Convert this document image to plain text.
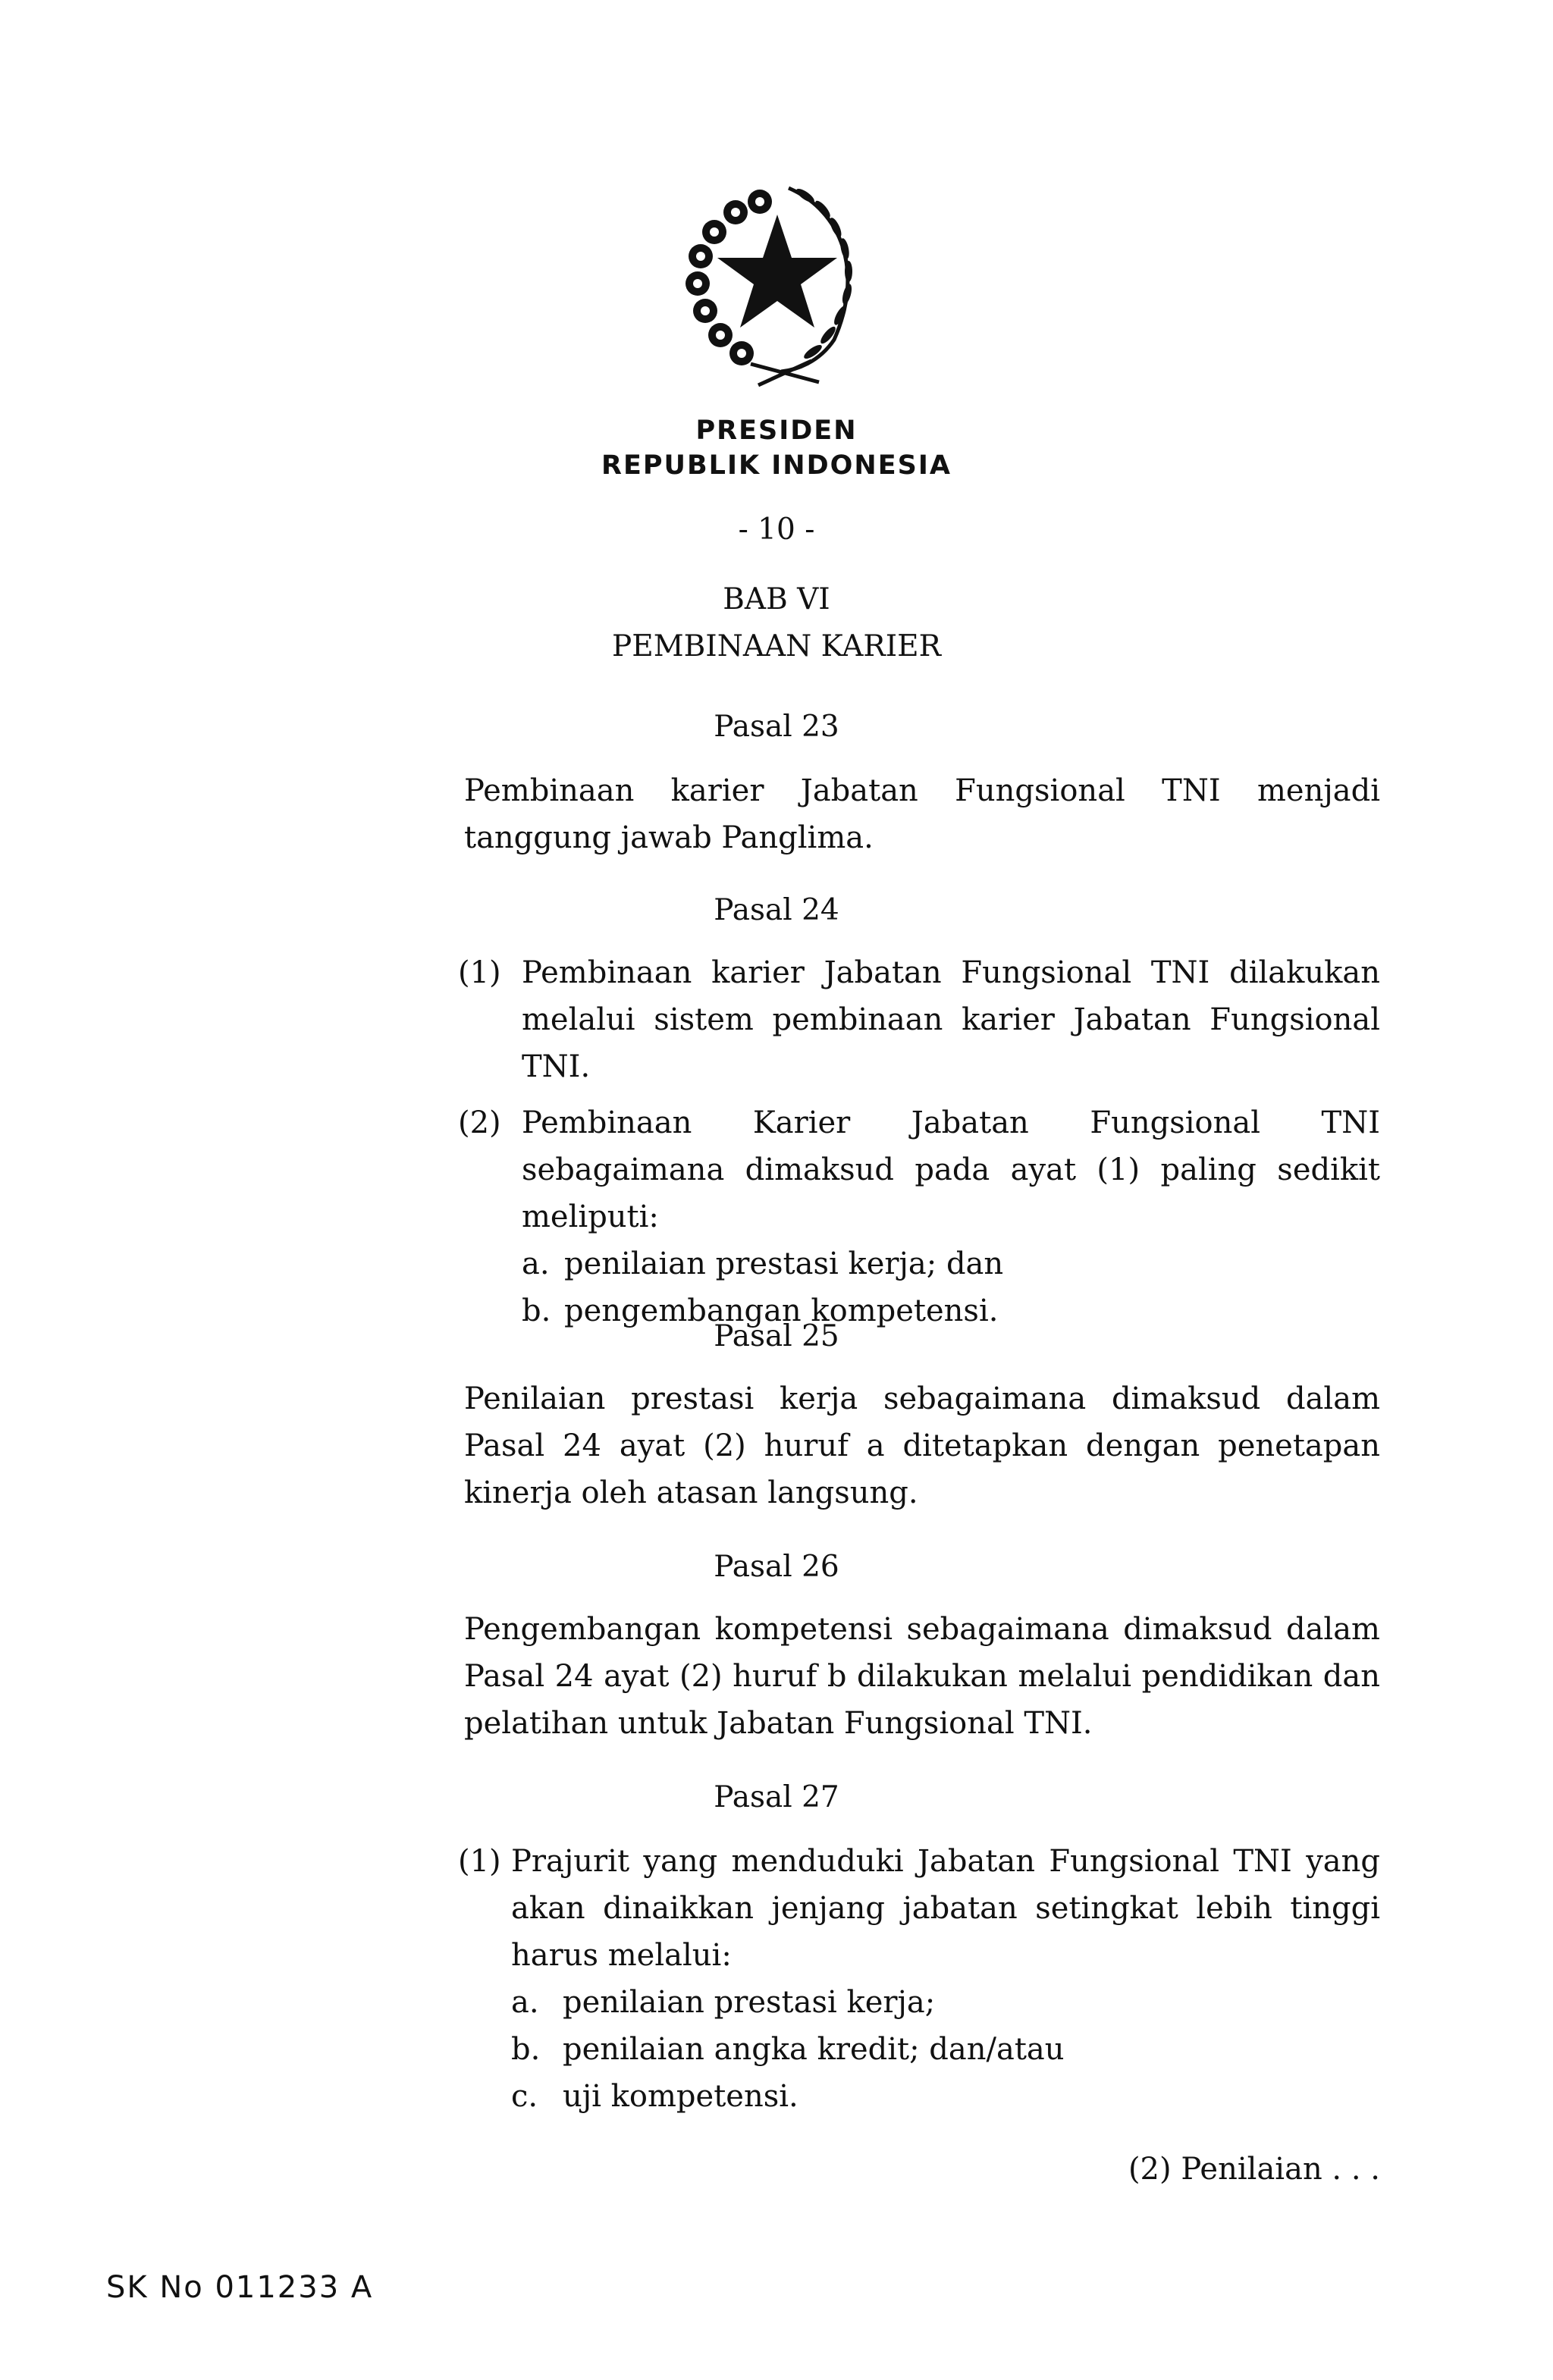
PRESIDEN
REPUBLIK INDONESIA
- 10 -
BAB VI
PEMBINAAN KARIER
Pasal 23
Pembinaan karier Jabatan Fungsional TNI menjadi tanggung jawab Panglima.
Pasal 24
(1) Pembinaan karier Jabatan Fungsional TNI dilakukan melalui sistem pembinaan karier Jabatan Fungsional TNI.
(2) Pembinaan Karier Jabatan Fungsional TNI sebagaimana dimaksud pada ayat (1) paling sedikit meliputi:
a. penilaian prestasi kerja; dan
b. pengembangan kompetensi.
Pasal 25
Penilaian prestasi kerja sebagaimana dimaksud dalam Pasal 24 ayat (2) huruf a ditetapkan dengan penetapan kinerja oleh atasan langsung.
Pasal 26
Pengembangan kompetensi sebagaimana dimaksud dalam Pasal 24 ayat (2) huruf b dilakukan melalui pendidikan dan pelatihan untuk Jabatan Fungsional TNI.
Pasal 27
(1) Prajurit yang menduduki Jabatan Fungsional TNI yang akan dinaikkan jenjang jabatan setingkat lebih tinggi harus melalui:
a. penilaian prestasi kerja;
b. penilaian angka kredit; dan/atau
c. uji kompetensi.
(2) Penilaian . . .
SK No 011233 A
